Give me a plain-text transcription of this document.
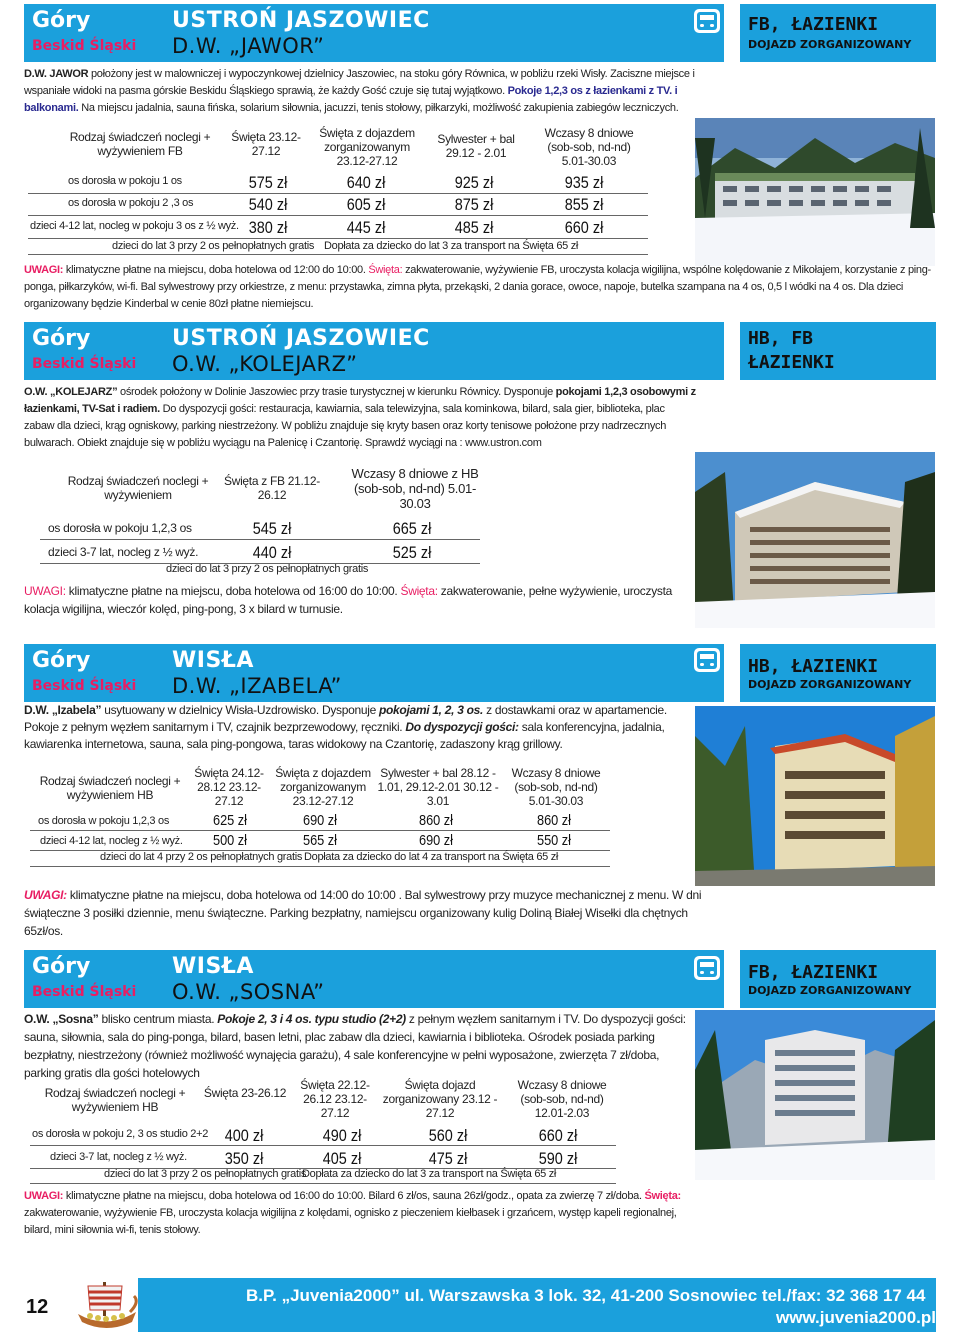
Góry
Beskid Śląski
USTROŃ JASZOWIEC
D.W. „JAWOR”
FB, ŁAZIENKI
DOJAZD ZORGANIZOWANY
D.W. JAWOR położony jest w malowniczej i wypoczynkowej dzielnicy Jaszowiec, na stoku góry Równica, w pobliżu rzeki Wisły. Zaciszne miejsce i wspaniałe widoki na pasma górskie Beskidu Śląskiego sprawią, że każdy Gość czuje się tutaj wyjątkowo. Pokoje 1,2,3 os z łazienkami z TV. i balkonami. Na miejscu jadalnia, sauna fińska, solarium siłownia, jacuzzi, tenis stołowy, piłkarzyki, możliwość zakupienia zabiegów leczniczych.
Rodzaj świadczeń noclegi + wyżywieniem FB
Święta 23.12-27.12
Święta z dojazdem zorganizowanym 23.12-27.12
Sylwester + bal 29.12 - 2.01
Wczasy 8 dniowe (sob-sob, nd-nd) 5.01-30.03
os dorosła w pokoju 1 os	575 zł	640 zł	925 zł	935 zł
os dorosła w pokoju 2 ,3 os	540 zł	605 zł	875 zł	855 zł
dzieci 4-12 lat, nocleg w pokoju 3 os z ½ wyż. 380 zł	445 zł	485 zł	660 zł
dzieci do lat 3 przy 2 os pełnopłatnych gratis Dopłata za dziecko do lat 3 za transport na Święta 65 zł
UWAGI: klimatyczne płatne na miejscu, doba hotelowa od 12:00 do 10:00. Święta: zakwaterowanie, wyżywienie FB, uroczysta kolacja wigilijna, wspólne kolędowanie z Mikołajem, korzystanie z ping-ponga, piłkarzyków, wi-fi. Bal sylwestrowy przy orkiestrze, z menu: przystawka, zimna płyta, przekąski, 2 dania gorace, owoce, napoje, butelka szampana na 4 os, 0,5 l wódki na 4 os. Dla dzieci organizowany będzie Kinderbal w cenie 80zł płatne niemiejscu.
Góry
Beskid Śląski
USTROŃ JASZOWIEC
O.W. „KOLEJARZ”
HB, FB
ŁAZIENKI
O.W. „KOLEJARZ” ośrodek położony w Dolinie Jaszowiec przy trasie turystycznej w kierunku Równicy. Dysponuje pokojami 1,2,3 osobowymi z łazienkami, TV-Sat i radiem. Do dyspozycji gości: restauracja, kawiarnia, sala telewizyjna, sala kominkowa, bilard, sala gier, biblioteka, plac zabaw dla dzieci, krąg ogniskowy, parking niestrzeżony. W pobliżu znajduje się kryty basen oraz korty tenisowe położone przy nadrzecznych bulwarach. Obiekt znajduje się w pobliżu wyciągu na Palenicę i Czantorię. Sprawdź wyciągi na : www.ustron.com
Rodzaj świadczeń noclegi + wyżywieniem
Święta z FB 21.12-26.12
Wczasy 8 dniowe z HB (sob-sob, nd-nd) 5.01-30.03
os dorosła w pokoju 1,2,3 os	545 zł	665 zł
dzieci 3-7 lat, nocleg z ½ wyż.	440 zł	525 zł
dzieci do lat 3 przy 2 os pełnopłatnych gratis
UWAGI: klimatyczne płatne na miejscu, doba hotelowa od 16:00 do 10:00. Święta: zakwaterowanie, pełne wyżywienie, uroczysta kolacja wigilijna, wieczór kolęd, ping-pong, 3 x bilard w turnusie.
Góry
Beskid Śląski
WISŁA
D.W. „IZABELA”
HB, ŁAZIENKI
DOJAZD ZORGANIZOWANY
D.W. „Izabela” usytuowany w dzielnicy Wisła-Uzdrowisko. Dysponuje pokojami 1, 2, 3 os. z dostawkami oraz w apartamencie. Pokoje z pełnym węzłem sanitarnym i TV, czajnik bezprzewodowy, ręczniki. Do dyspozycji gości: sala konferencyjna, jadalnia, kawiarenka internetowa, sauna, sala ping-pongowa, taras widokowy na Czantorię, zadaszony krąg grillowy.
Rodzaj świadczeń noclegi + wyżywieniem HB
Święta 24.12-28.12 23.12-27.12
Święta z dojazdem zorganizowanym 23.12-27.12
Sylwester + bal 28.12 - 1.01, 29.12-2.01 30.12 - 3.01
Wczasy 8 dniowe (sob-sob, nd-nd) 5.01-30.03
os dorosła w pokoju 1,2,3 os	625 zł	690 zł	860 zł	860 zł
dzieci 4-12 lat, nocleg z ½ wyż.	500 zł	565 zł	690 zł	550 zł
dzieci do lat 4 przy 2 os pełnopłatnych gratis Dopłata za dziecko do lat 4 za transport na Święta 65 zł
UWAGI: klimatyczne płatne na miejscu, doba hotelowa od 14:00 do 10:00 . Bal sylwestrowy przy muzyce mechanicznej z menu. W dni świąteczne 3 posiłki dziennie, menu świąteczne. Parking bezpłatny, namiejscu organizowany kulig Doliną Białej Wisełki dla chętnych 65zł/os.
Góry
Beskid Śląski
WISŁA
O.W. „SOSNA”
FB, ŁAZIENKI
DOJAZD ZORGANIZOWANY
O.W. „Sosna” blisko centrum miasta. Pokoje 2, 3 i 4 os. typu studio (2+2) z pełnym węzłem sanitarnym i TV. Do dyspozycji gości: sauna, siłownia, sala do ping-ponga, bilard, basen letni, plac zabaw dla dzieci, kawiarnia i biblioteka. Ośrodek posiada parking bezpłatny, niestrzeżony (również możliwość wynajęcia garażu), 4 sale konferencyjne w pełni wyposażone, zwierzęta 7 zł/doba, parking gratis dla gości hotelowych
Rodzaj świadczeń noclegi + wyżywieniem HB
Święta 23-26.12
Święta 22.12-26.12 23.12-27.12
Święta dojazd zorganizowany 23.12 - 27.12
Wczasy 8 dniowe (sob-sob, nd-nd) 12.01-2.03
os dorosła w pokoju 2, 3 os studio 2+2 400 zł	490 zł	560 zł	660 zł
dzieci 3-7 lat, nocleg z ½ wyż.	350 zł	405 zł	475 zł	590 zł
dzieci do lat 3 przy 2 os pełnopłatnych gratis
Dopłata za dziecko do lat 3 za transport na Święta 65 zł
UWAGI: klimatyczne płatne na miejscu, doba hotelowa od 16:00 do 10:00. Bilard 6 zł/os, sauna 26zł/godz., opata za zwierzę 7 zł/doba. Święta: zakwaterowanie, wyżywienie FB, uroczysta kolacja wigilijna z kolędami, ognisko z pieczeniem kiełbasek i grzańcem, występ kapeli regionalnej, bilard, mini siłownia wi-fi, tenis stołowy.
12
B.P. „Juvenia2000” ul. Warszawska 3 lok. 32, 41-200 Sosnowiec tel./fax: 32 368 17 44
www.juvenia2000.pl
